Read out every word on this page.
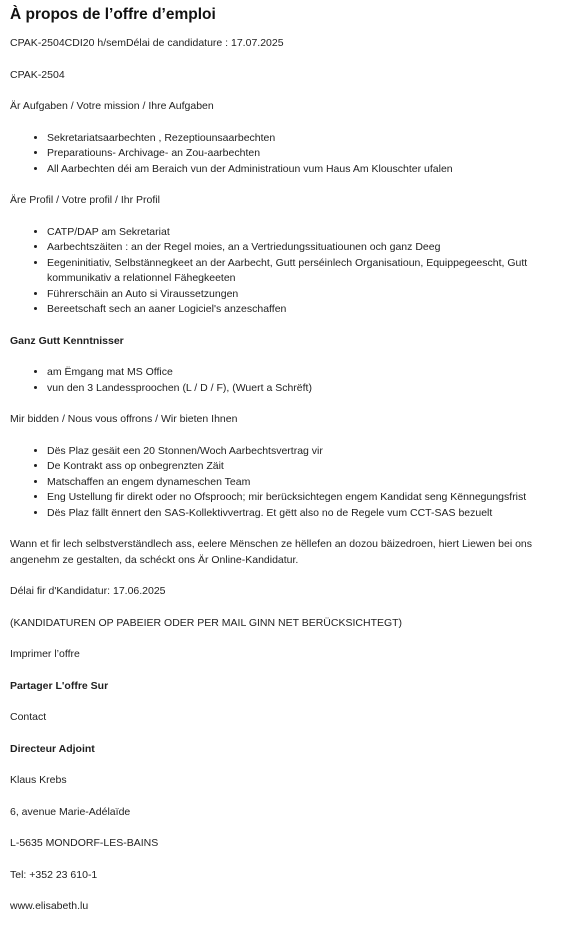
À propos de l’offre d’emploi

CPAK-2504CDI20 h/semDélai de candidature : 17.07.2025

CPAK-2504

Är Aufgaben / Votre mission / Ihre Aufgaben

• Sekretariatsaarbechten , Rezeptiounsaarbechten
• Preparatiouns- Archivage- an Zou-aarbechten
• All Aarbechten déi am Beraich vun der Administratioun vum Haus Am Klouschter ufalen

Äre Profil / Votre profil / Ihr Profil

• CATP/DAP am Sekretariat
• Aarbechtszäiten : an der Regel moies, an a Vertriedungssituatiounen och ganz Deeg
• Eegeninitiativ, Selbstännegkeet an der Aarbecht, Gutt perséinlech Organisatioun, Equippegeescht, Gutt kommunikativ a relationnel Fähegkeeten
• Führerschäin an Auto si Viraussetzungen
• Bereetschaft sech an aaner Logiciel's anzeschaffen

Ganz Gutt Kenntnisser

• am Ëmgang mat MS Office
• vun den 3 Landessproochen (L / D / F), (Wuert a Schrëft)

Mir bidden / Nous vous offrons / Wir bieten Ihnen

• Dës Plaz gesäit een 20 Stonnen/Woch Aarbechtsvertrag vir
• De Kontrakt ass op onbegrenzten Zäit
• Matschaffen an engem dynameschen Team
• Eng Ustellung fir direkt oder no Ofsprooch; mir berücksichtegen engem Kandidat seng Kënnegungsfrist
• Dës Plaz fällt ënnert den SAS-Kollektivvertrag. Et gëtt also no de Regele vum CCT-SAS bezuelt

Wann et fir lech selbstverständlech ass, eelere Mënschen ze hëllefen an dozou bäizedroen, hiert Liewen bei ons angenehm ze gestalten, da schéckt ons Är Online-Kandidatur.

Délai fir d'Kandidatur: 17.06.2025

(KANDIDATUREN OP PABEIER ODER PER MAIL GINN NET BERÜCKSICHTEGT)

Imprimer l’offre

Partager L'offre Sur

Contact

Directeur Adjoint

Klaus Krebs

6, avenue Marie-Adélaïde

L-5635 MONDORF-LES-BAINS

Tel: +352 23 610-1

www.elisabeth.lu
